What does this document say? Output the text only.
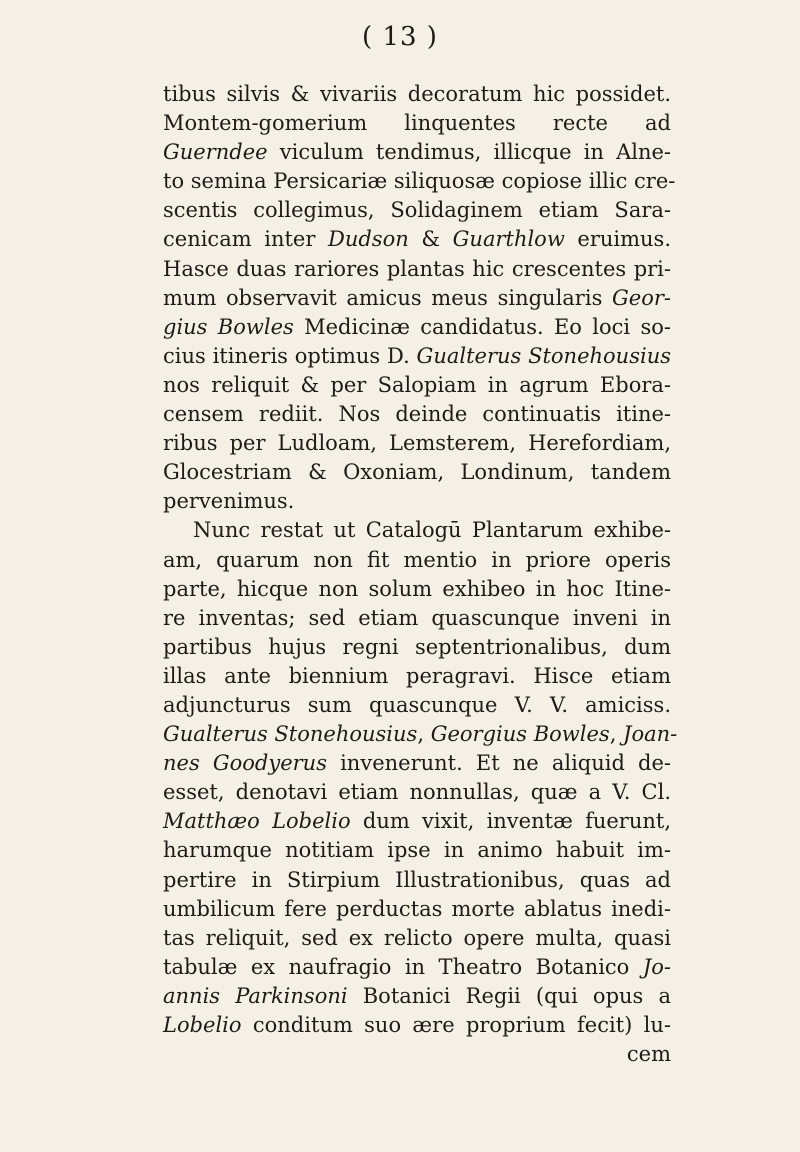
( 13 )
tibus silvis & vivariis decoratum hic possidet.
Montem-gomerium linquentes recte ad
Guerndee viculum tendimus, illicque in Alne-
to semina Persicariæ siliquosæ copiose illic cre-
scentis collegimus, Solidaginem etiam Sara-
cenicam inter Dudson & Guarthlow eruimus.
Hasce duas rariores plantas hic crescentes pri-
mum observavit amicus meus singularis Geor-
gius Bowles Medicinæ candidatus. Eo loci so-
cius itineris optimus D. Gualterus Stonehousius
nos reliquit & per Salopiam in agrum Ebora-
censem rediit. Nos deinde continuatis itine-
ribus per Ludloam, Lemsterem, Herefordiam,
Glocestriam & Oxoniam, Londinum, tandem
pervenimus.
Nunc restat ut Catalogū Plantarum exhibe-
am, quarum non fit mentio in priore operis
parte, hicque non solum exhibeo in hoc Itine-
re inventas; sed etiam quascunque inveni in
partibus hujus regni septentrionalibus, dum
illas ante biennium peragravi. Hisce etiam
adjuncturus sum quascunque V. V. amiciss.
Gualterus Stonehousius, Georgius Bowles, Joan-
nes Goodyerus invenerunt. Et ne aliquid de-
esset, denotavi etiam nonnullas, quæ a V. Cl.
Matthæo Lobelio dum vixit, inventæ fuerunt,
harumque notitiam ipse in animo habuit im-
pertire in Stirpium Illustrationibus, quas ad
umbilicum fere perductas morte ablatus inedi-
tas reliquit, sed ex relicto opere multa, quasi
tabulæ ex naufragio in Theatro Botanico Jo-
annis Parkinsoni Botanici Regii (qui opus a
Lobelio conditum suo ære proprium fecit) lu-
cem
